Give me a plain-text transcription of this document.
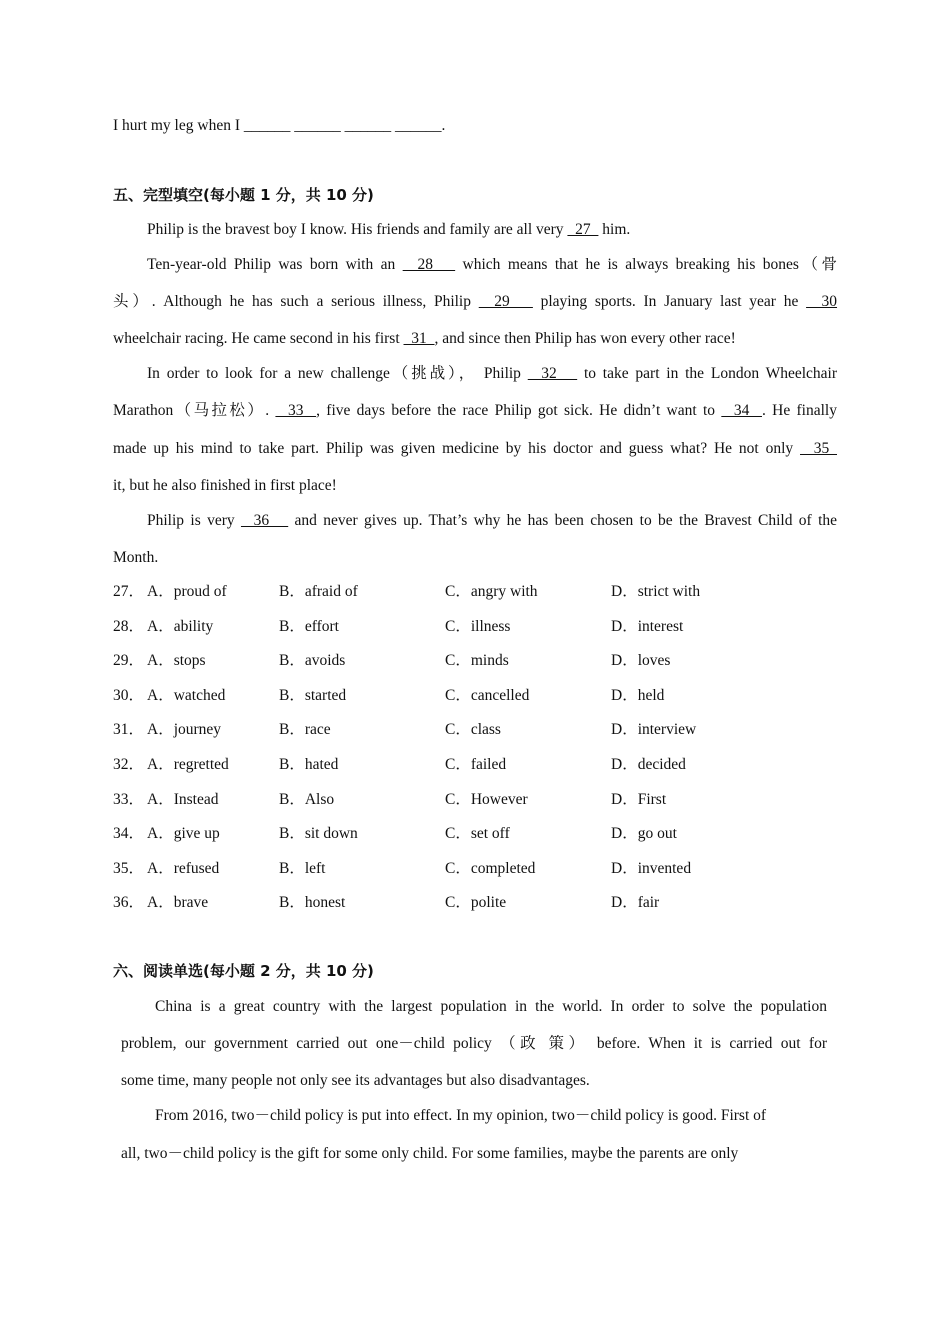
五、完型填空(每小题 1 分，共 10 分)
六、阅读单选(每小题 2 分，共 10 分)
I hurt my leg when I ______ ______ ______ ______.
Philip is the bravest boy I know. His friends and family are all very   27   him.
Ten-year-old Philip was born with an   28    which means that he is always breaking his bones（骨
头）. Although he has such a serious illness, Philip   29    playing sports. In January last year he   30
wheelchair racing. He came second in his first   31  , and since then Philip has won every other race!
In order to look for a new challenge（挑战）， Philip   32    to take part in the London Wheelchair
Marathon（马拉松）.   33  , five days before the race Philip got sick. He didn’t want to   34  . He finally
made up his mind to take part. Philip was given medicine by his doctor and guess what? He not only   35
it, but he also finished in first place!
Philip is very   36    and never gives up. That’s why he has been chosen to be the Bravest Child of the
Month.
27． A．proud of	B．afraid of	C．angry with	D．strict with
28． A．ability	B．effort	C．illness	D．interest
29． A．stops	B．avoids	C．minds	D．loves
30． A．watched	B．started	C．cancelled	D．held
31． A．journey	B．race	C．class	D．interview
32． A．regretted	B．hated	C．failed	D．decided
33． A．Instead	B．Also	C．However	D．First
34． A．give up	B．sit down	C．set off	D．go out
35． A．refused	B．left	C．completed	D．invented
36． A．brave	B．honest	C．polite	D．fair
China is a great country with the largest population in the world. In order to solve the population
problem, our government carried out one－child policy （政 策） before. When it is carried out for
some time, many people not only see its advantages but also disadvantages.
From 2016, two－child policy is put into effect. In my opinion, two－child policy is good. First of
all, two－child policy is the gift for some only child. For some families, maybe the parents are only
